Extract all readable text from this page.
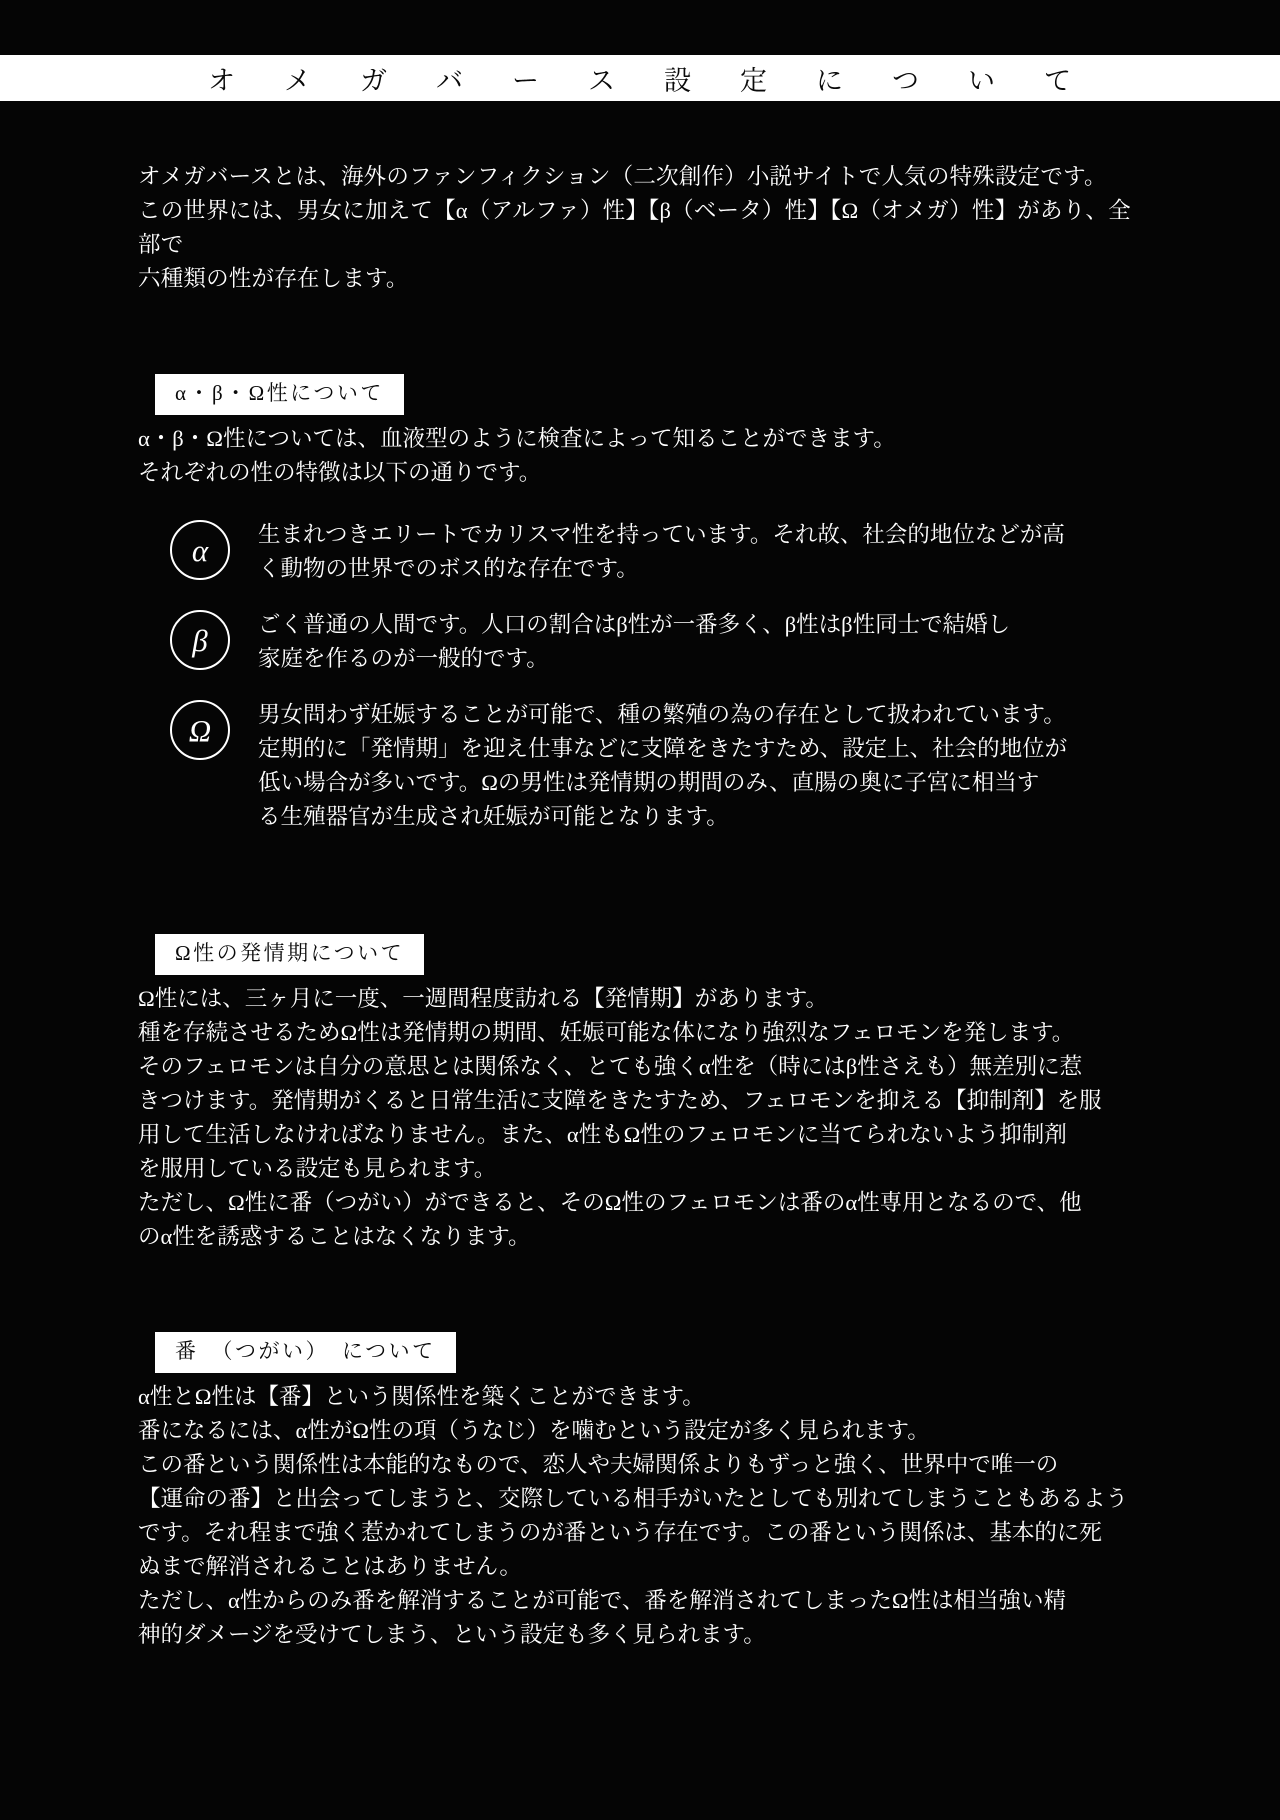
オ　メ　ガ　バ　ー　ス　設　定　に　つ　い　て

オメガバースとは、海外のファンフィクション（二次創作）小説サイトで人気の特殊設定です。

この世界には、男女に加えて【α（アルファ）性】【β（ベータ）性】【Ω（オメガ）性】があり、全部で

六種類の性が存在します。

α・β・Ω性について

α・β・Ω性については、血液型のように検査によって知ることができます。

それぞれの性の特徴は以下の通りです。

α	生まれつきエリートでカリスマ性を持っています。それ故、社会的地位などが高

く動物の世界でのボス的な存在です。

β	ごく普通の人間です。人口の割合はβ性が一番多く、β性はβ性同士で結婚し

家庭を作るのが一般的です。

Ω	男女問わず妊娠することが可能で、種の繁殖の為の存在として扱われています。

定期的に「発情期」を迎え仕事などに支障をきたすため、設定上、社会的地位が

低い場合が多いです。Ωの男性は発情期の期間のみ、直腸の奥に子宮に相当す

る生殖器官が生成され妊娠が可能となります。

Ω性の発情期について

Ω性には、三ヶ月に一度、一週間程度訪れる【発情期】があります。

種を存続させるためΩ性は発情期の期間、妊娠可能な体になり強烈なフェロモンを発します。

そのフェロモンは自分の意思とは関係なく、とても強くα性を（時にはβ性さえも）無差別に惹

きつけます。発情期がくると日常生活に支障をきたすため、フェロモンを抑える【抑制剤】を服

用して生活しなければなりません。また、α性もΩ性のフェロモンに当てられないよう抑制剤

を服用している設定も見られます。

ただし、Ω性に番（つがい）ができると、そのΩ性のフェロモンは番のα性専用となるので、他

のα性を誘惑することはなくなります。

番　（つがい）　について

α性とΩ性は【番】という関係性を築くことができます。

番になるには、α性がΩ性の項（うなじ）を噛むという設定が多く見られます。

この番という関係性は本能的なもので、恋人や夫婦関係よりもずっと強く、世界中で唯一の

【運命の番】と出会ってしまうと、交際している相手がいたとしても別れてしまうこともあるよう

です。それ程まで強く惹かれてしまうのが番という存在です。この番という関係は、基本的に死

ぬまで解消されることはありません。

ただし、α性からのみ番を解消することが可能で、番を解消されてしまったΩ性は相当強い精

神的ダメージを受けてしまう、という設定も多く見られます。
